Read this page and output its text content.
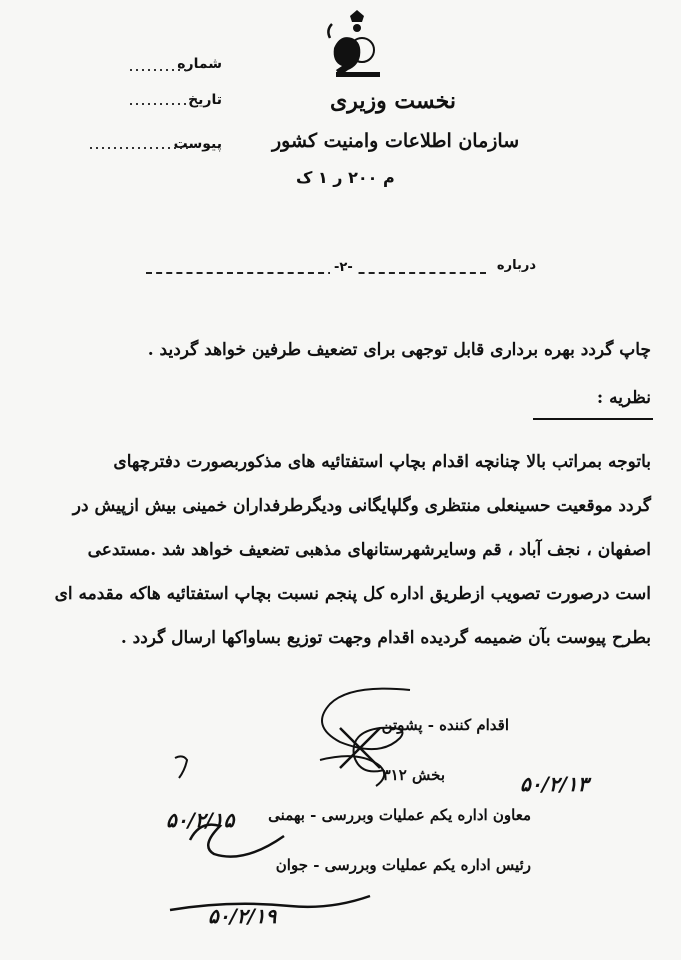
نخست وزیری
سازمان اطلاعات وامنیت کشور
م ۲۰۰ ر ۱ ک
شماره
تاریخ
پیوست
درباره
-۲-
چاپ گردد بهره برداری قابل توجهی برای تضعیف طرفین خواهد گردید .
نظریه :
باتوجه بمراتب بالا چنانچه اقدام بچاپ استفتائیه های مذکوربصورت دفترچهای
گردد موقعیت حسینعلی منتظری وگلپایگانی ودیگرطرفداران خمینی بیش ازپیش در
اصفهان ، نجف آباد ، قم وسایرشهرستانهای مذهبی تضعیف خواهد شد .مستدعی
است درصورت تصویب ازطریق اداره کل پنجم نسبت بچاپ استفتائیه هاکه مقدمه ای
بطرح پیوست بآن ضمیمه گردیده اقدام وجهت توزیع بساواکها ارسال گردد .
اقدام کننده - پشوتن
بخش ۳۱۲
معاون اداره یکم عملیات وبررسی - بهمنی
رئیس اداره یکم عملیات وبررسی - جوان
۵۰/۲/۱۳
۵۰/۲/۱۵
۵۰/۲/۱۹
